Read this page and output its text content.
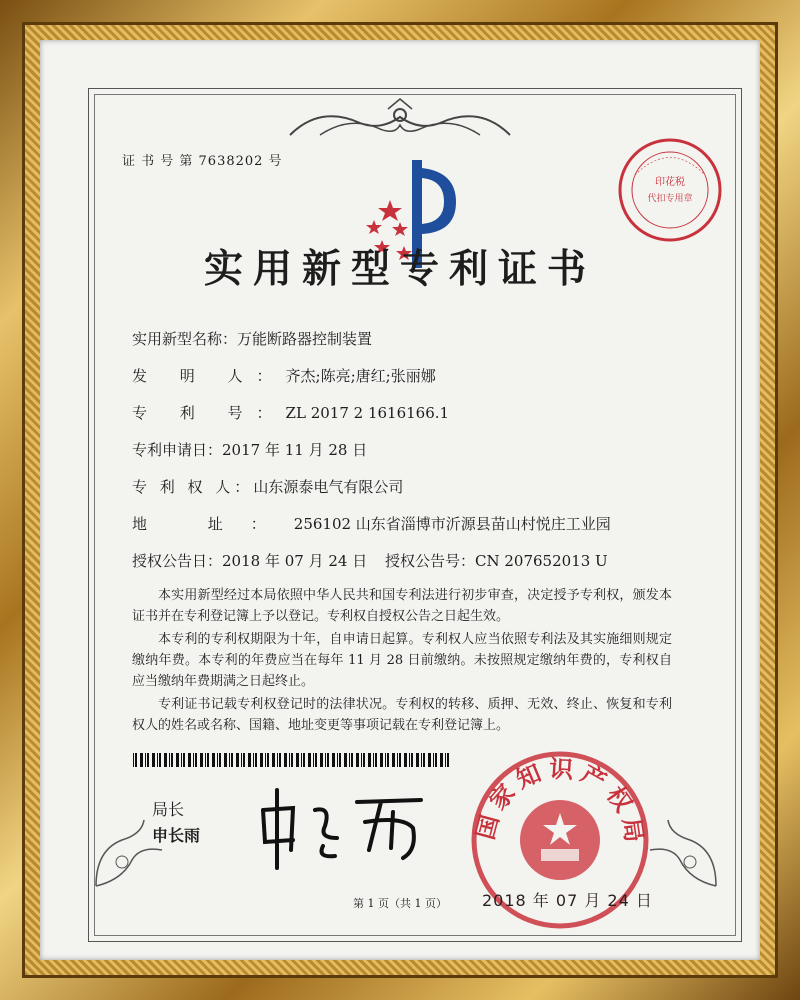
证 书 号 第 7638202 号
印花税
代扣专用章
实用新型专利证书
实用新型名称：万能断路器控制装置
发 明 人：齐杰;陈亮;唐红;张丽娜
专 利 号：ZL 2017 2 1616166.1
专利申请日：2017 年 11 月 28 日
专 利 权 人：山东源泰电气有限公司
地 址：256102 山东省淄博市沂源县苗山村悦庄工业园
授权公告日：2018 年 07 月 24 日 授权公告号：CN 207652013 U
本实用新型经过本局依照中华人民共和国专利法进行初步审查，决定授予专利权，颁发本证书并在专利登记簿上予以登记。专利权自授权公告之日起生效。
本专利的专利权期限为十年，自申请日起算。专利权人应当依照专利法及其实施细则规定缴纳年费。本专利的年费应当在每年 11 月 28 日前缴纳。未按照规定缴纳年费的，专利权自应当缴纳年费期满之日起终止。
专利证书记载专利权登记时的法律状况。专利权的转移、质押、无效、终止、恢复和专利权人的姓名或名称、国籍、地址变更等事项记载在专利登记簿上。
局长
申长雨	国家知识产权局
2018 年 07 月 24 日
第 1 页（共 1 页）
